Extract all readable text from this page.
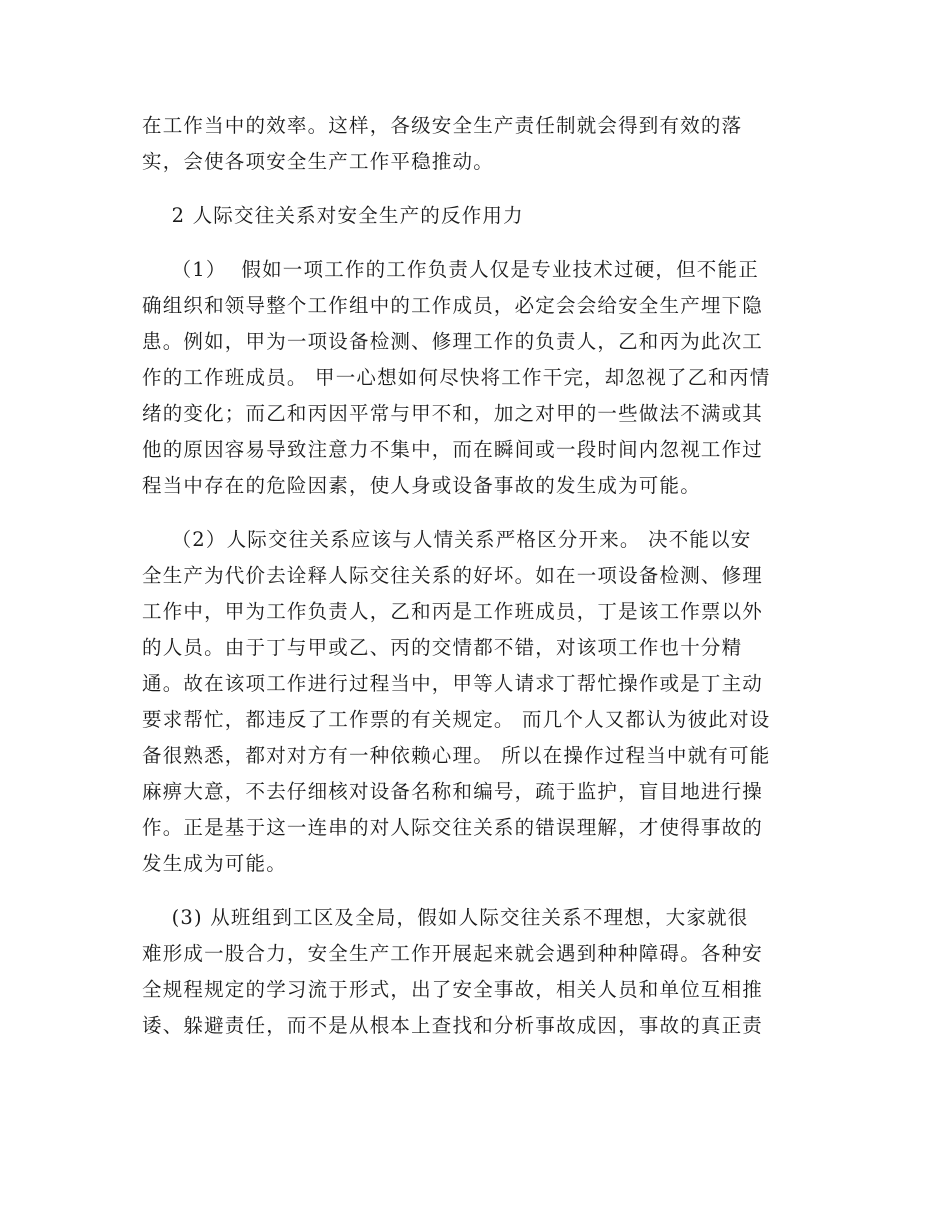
在工作当中的效率。这样，各级安全生产责任制就会得到有效的落
实，会使各项安全生产工作平稳推动。
2 人际交往关系对安全生产的反作用力
（1）  假如一项工作的工作负责人仅是专业技术过硬，但不能正
确组织和领导整个工作组中的工作成员，必定会会给安全生产埋下隐
患。例如，甲为一项设备检测、修理工作的负责人，乙和丙为此次工
作的工作班成员。 甲一心想如何尽快将工作干完，却忽视了乙和丙情
绪的变化；而乙和丙因平常与甲不和，加之对甲的一些做法不满或其
他的原因容易导致注意力不集中，而在瞬间或一段时间内忽视工作过
程当中存在的危险因素，使人身或设备事故的发生成为可能。
（2）人际交往关系应该与人情关系严格区分开来。 决不能以安
全生产为代价去诠释人际交往关系的好坏。如在一项设备检测、修理
工作中，甲为工作负责人，乙和丙是工作班成员，丁是该工作票以外
的人员。由于丁与甲或乙、丙的交情都不错，对该项工作也十分精
通。故在该项工作进行过程当中，甲等人请求丁帮忙操作或是丁主动
要求帮忙，都违反了工作票的有关规定。 而几个人又都认为彼此对设
备很熟悉，都对对方有一种依赖心理。 所以在操作过程当中就有可能
麻痹大意，不去仔细核对设备名称和编号，疏于监护，盲目地进行操
作。正是基于这一连串的对人际交往关系的错误理解，才使得事故的
发生成为可能。
(3) 从班组到工区及全局，假如人际交往关系不理想，大家就很
难形成一股合力，安全生产工作开展起来就会遇到种种障碍。各种安
全规程规定的学习流于形式，出了安全事故，相关人员和单位互相推
诿、躲避责任，而不是从根本上查找和分析事故成因，事故的真正责
